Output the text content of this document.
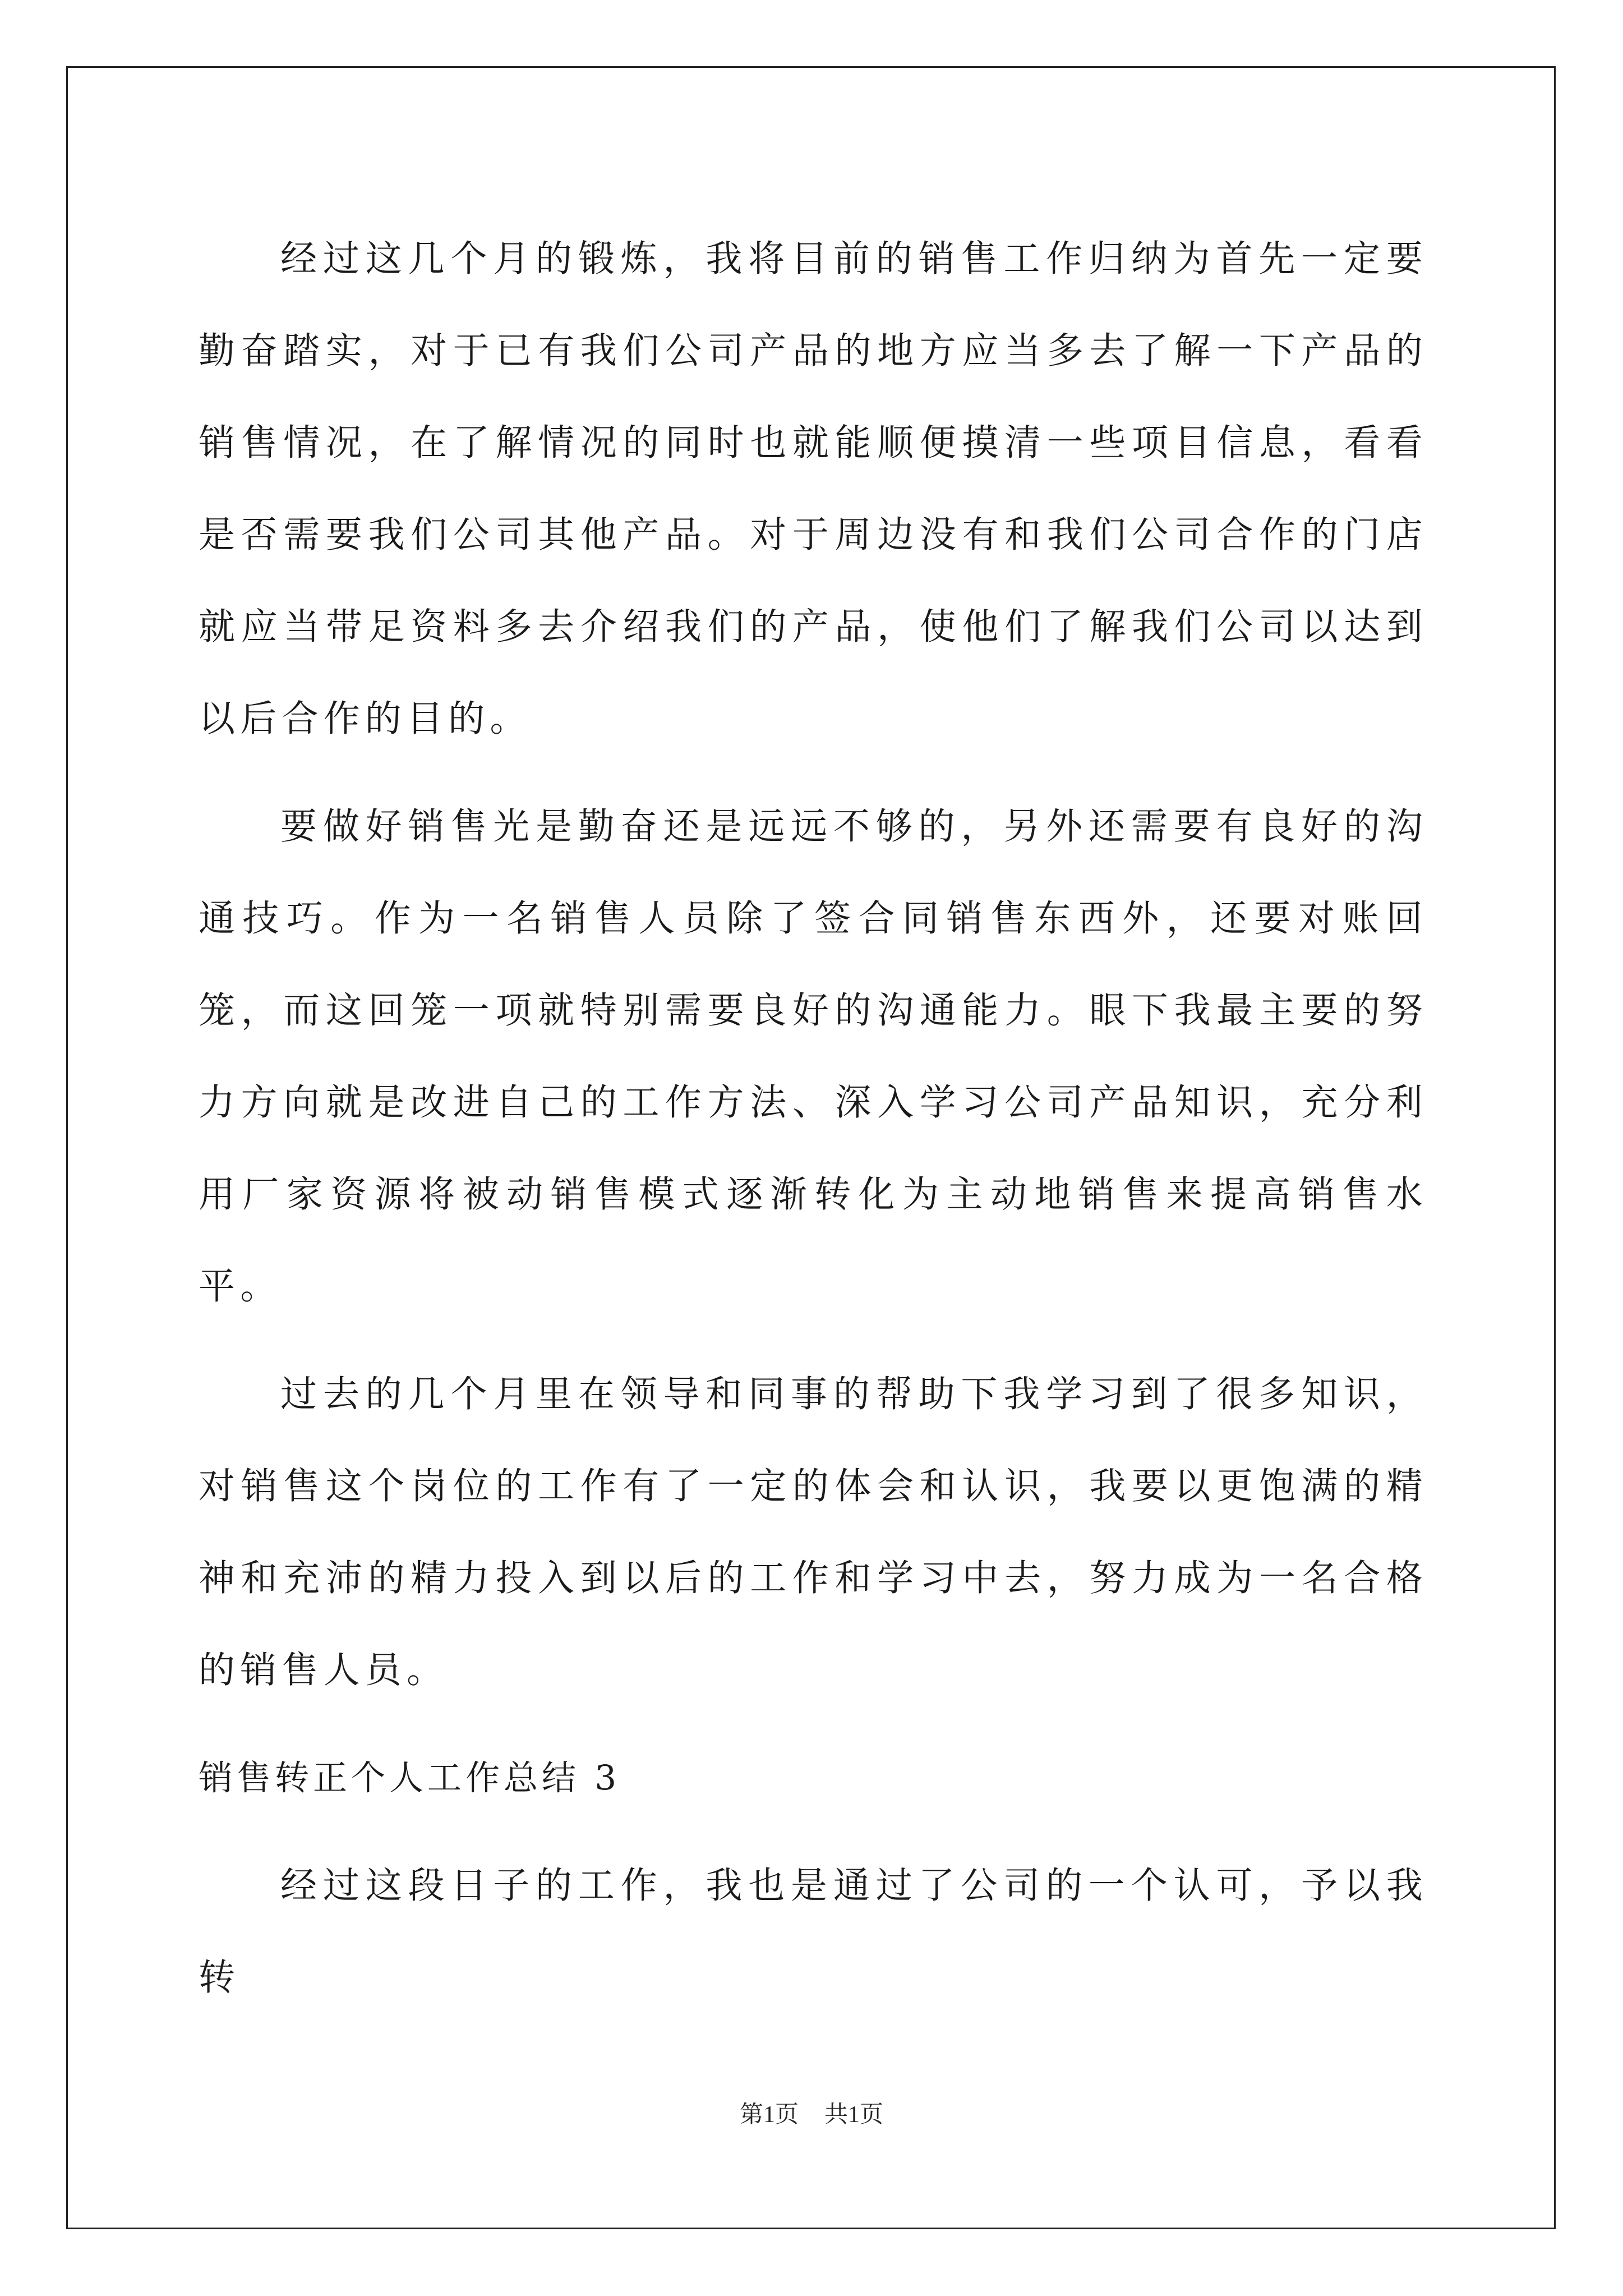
经过这几个月的锻炼，我将目前的销售工作归纳为首先一定要勤奋踏实，对于已有我们公司产品的地方应当多去了解一下产品的销售情况，在了解情况的同时也就能顺便摸清一些项目信息，看看是否需要我们公司其他产品。对于周边没有和我们公司合作的门店就应当带足资料多去介绍我们的产品，使他们了解我们公司以达到以后合作的目的。

要做好销售光是勤奋还是远远不够的，另外还需要有良好的沟通技巧。作为一名销售人员除了签合同销售东西外，还要对账回笼，而这回笼一项就特别需要良好的沟通能力。眼下我最主要的努力方向就是改进自己的工作方法、深入学习公司产品知识，充分利用厂家资源将被动销售模式逐渐转化为主动地销售来提高销售水平。

过去的几个月里在领导和同事的帮助下我学习到了很多知识，对销售这个岗位的工作有了一定的体会和认识，我要以更饱满的精神和充沛的精力投入到以后的工作和学习中去，努力成为一名合格的销售人员。

销售转正个人工作总结 3

经过这段日子的工作，我也是通过了公司的一个认可，予以我转

第1页 共1页
